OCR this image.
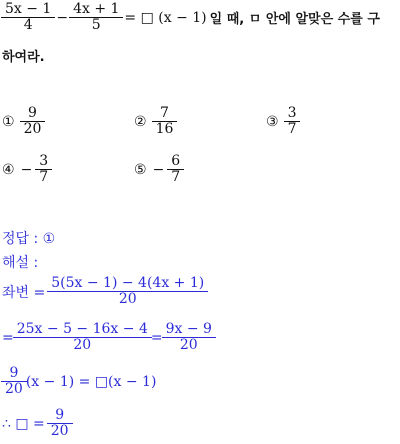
$\frac{5x - 1}{4} - \frac{4x + 1}{5}$ = □ (x − 1) 일 때, ㅁ 안에 알맞은 수를 구
하여라.
① $\frac{9}{20}$	② $\frac{7}{16}$	③ $\frac{3}{7}$
④ − $\frac{3}{7}$	⑤ − $\frac{6}{7}$
정답 : ①
해설 :
좌변 = $\frac{5(5x - 1) - 4(4x + 1)}{20}$
= $\frac{25x - 5 - 16x - 4}{20} = \frac{9x - 9}{20}$
$\frac{9}{20} (x - 1)$ = □(x − 1)
∴ □ = $\frac{9}{20}$
